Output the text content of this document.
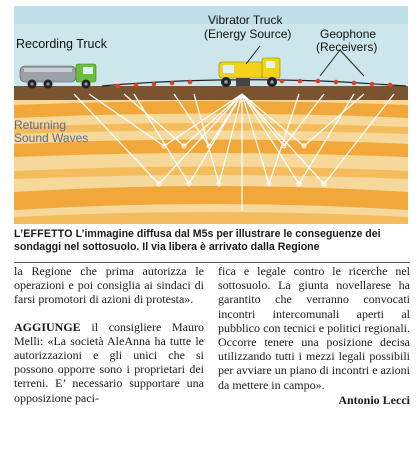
Recording Truck
Vibrator Truck
(Energy Source) Geophone
(Receivers)
Returning
Sound Waves
L’EFFETTO L’immagine diffusa dal M5s per illustrare le conseguenze dei sondaggi nel sottosuolo. Il via libera è arrivato dalla Regione

la Regione che prima autorizza le operazioni e poi consiglia ai sindaci di farsi promotori di azioni di protesta».

AGGIUNGE il consigliere Mauro Melli: «La società AleAnna ha tutte le autorizzazioni e gli unici che si possono opporre sono i proprietari dei terreni. E’ necessario supportare una opposizione paci-

fica e legale contro le ricerche nel sottosuolo. La giunta novellarese ha garantito che verranno convocati incontri intercomunali aperti al pubblico con tecnici e politici regionali. Occorre tenere una posizione decisa utilizzando tutti i mezzi legali possibili per avviare un piano di incontri e azioni da mettere in campo».

Antonio Lecci
